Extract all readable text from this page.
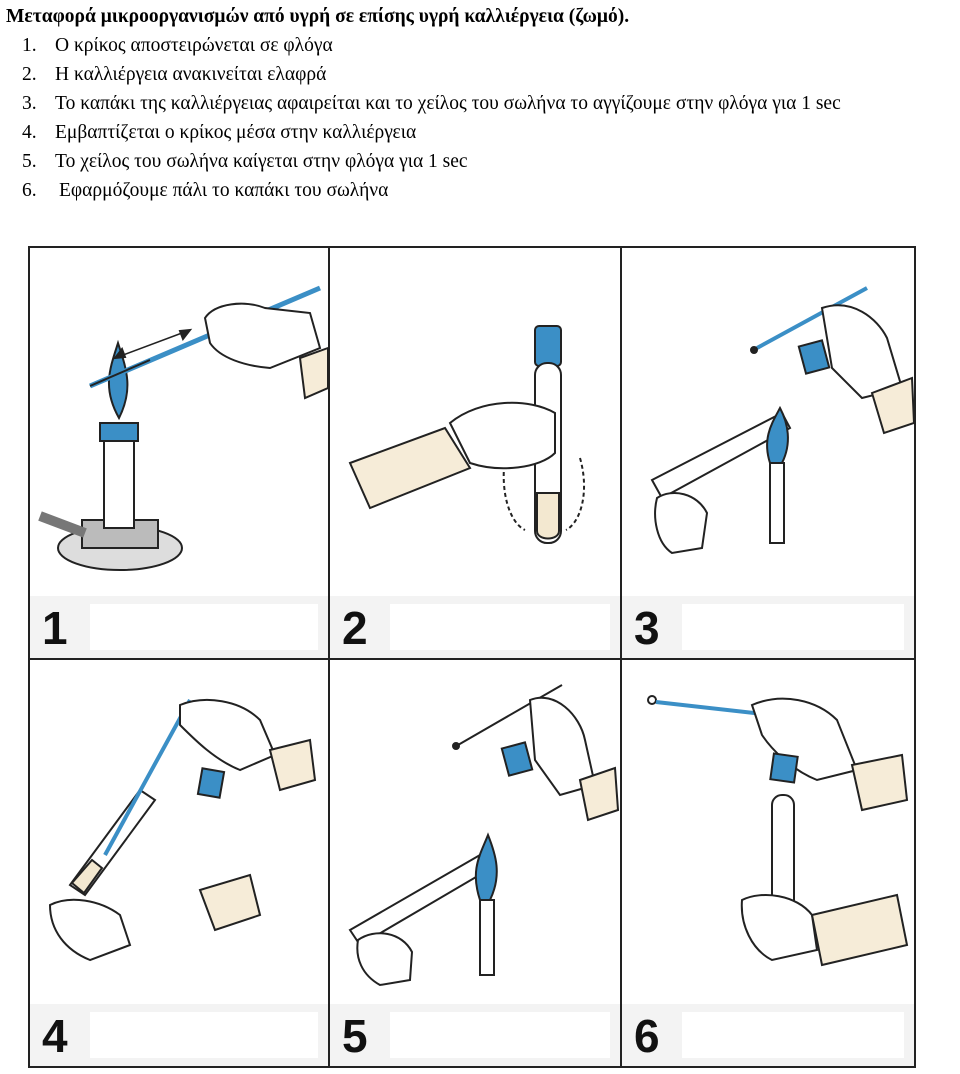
Μεταφορά μικροοργανισμών από υγρή σε επίσης υγρή καλλιέργεια (ζωμό).

1. Ο κρίκος αποστειρώνεται σε φλόγα
2. Η καλλιέργεια ανακινείται ελαφρά
3. Το καπάκι της καλλιέργειας αφαιρείται και το χείλος του σωλήνα το αγγίζουμε στην φλόγα για 1 sec
4. Εμβαπτίζεται ο κρίκος μέσα στην καλλιέργεια
5. Το χείλος του σωλήνα καίγεται στην φλόγα για 1 sec
6. Εφαρμόζουμε πάλι το καπάκι του σωλήνα
1	2	3
4	5	6
